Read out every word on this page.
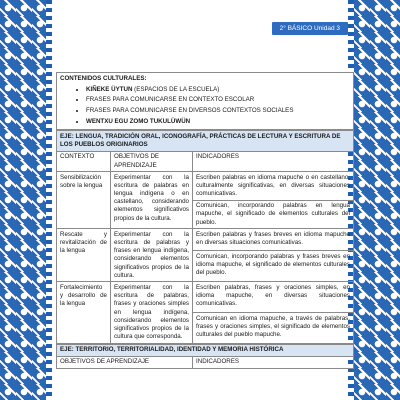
2° BÁSICO Unidad 3
CONTENIDOS CULTURALES:
• KIÑEKE ÜYTUN (ESPACIOS DE LA ESCUELA)
• FRASES PARA COMUNICARSE EN CONTEXTO ESCOLAR
• FRASES PARA COMUNICARSE EN DIVERSOS CONTEXTOS SOCIALES
• WENTXU EGU ZOMO TUKULÜWÜN
EJE: LENGUA, TRADICIÓN ORAL, ICONOGRAFÍA, PRÁCTICAS DE LECTURA Y ESCRITURA DE LOS PUEBLOS ORIGINARIOS		
CONTEXTO	OBJETIVOS DE APRENDIZAJE	INDICADORES
Sensibilización sobre la lengua	Experimentar con la escritura de palabras en lengua indígena o en castellano, considerando elementos significativos propios de la cultura.	Escriben palabras en idioma mapuche o en castellano, culturalmente significativas, en diversas situaciones comunicativas.
		Comunican, incorporando palabras en lengua mapuche, el significado de elementos culturales del pueblo.
Rescate y revitalización de la lengua	Experimentar con la escritura de palabras y frases en lengua indígena, considerando elementos significativos propios de la cultura.	Escriben palabras y frases breves en idioma mapuche en diversas situaciones comunicativas.
		Comunican, incorporando palabras y frases breves en idioma mapuche, el significado de elementos culturales del pueblo.
Fortalecimiento y desarrollo de la lengua	Experimentar con la escritura de palabras, frases y oraciones simples en lengua indígena, considerando elementos significativos propios de la cultura que corresponda.	Escriben palabras, frases y oraciones simples, en idioma mapuche, en diversas situaciones comunicativas.
		Comunican en idioma mapuche, a través de palabras, frases y oraciones simples, el significado de elementos culturales del pueblo mapuche.
EJE: TERRITORIO, TERRITORIALIDAD, IDENTIDAD Y MEMORIA HISTÓRICA
OBJETIVOS DE APRENDIZAJE	INDICADORES
